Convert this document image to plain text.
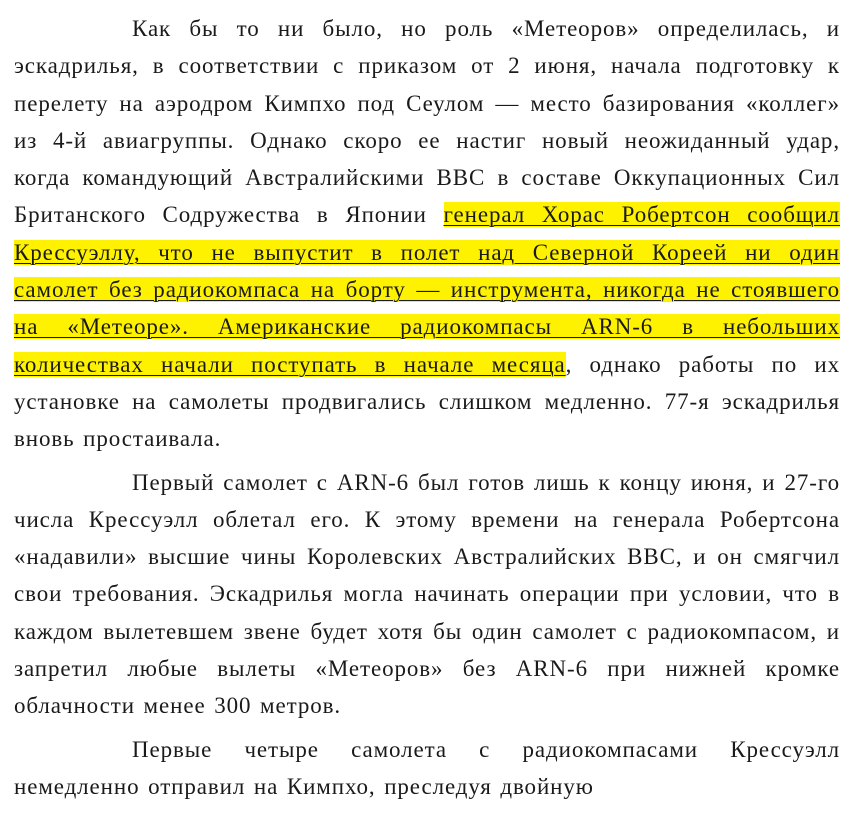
Как бы то ни было, но роль «Метеоров» определилась, и эскадрилья, в соответствии с приказом от 2 июня, начала подготовку к перелету на аэродром Кимпхо под Сеулом — место базирования «коллег» из 4-й авиагруппы. Однако скоро ее настиг новый неожиданный удар, когда командующий Австралийскими ВВС в составе Оккупационных Сил Британского Содружества в Японии генерал Хорас Робертсон сообщил Крессуэллу, что не выпустит в полет над Северной Кореей ни один самолет без радиокомпаса на борту — инструмента, никогда не стоявшего на «Метеоре». Американские радиокомпасы ARN-6 в небольших количествах начали поступать в начале месяца, однако работы по их установке на самолеты продвигались слишком медленно. 77-я эскадрилья вновь простаивала.

Первый самолет с ARN-6 был готов лишь к концу июня, и 27-го числа Крессуэлл облетал его. К этому времени на генерала Робертсона «надавили» высшие чины Королевских Австралийских ВВС, и он смягчил свои требования. Эскадрилья могла начинать операции при условии, что в каждом вылетевшем звене будет хотя бы один самолет с радиокомпасом, и запретил любые вылеты «Метеоров» без ARN-6 при нижней кромке облачности менее 300 метров.

Первые четыре самолета с радиокомпасами Крессуэлл немедленно отправил на Кимпхо, преследуя двойную
